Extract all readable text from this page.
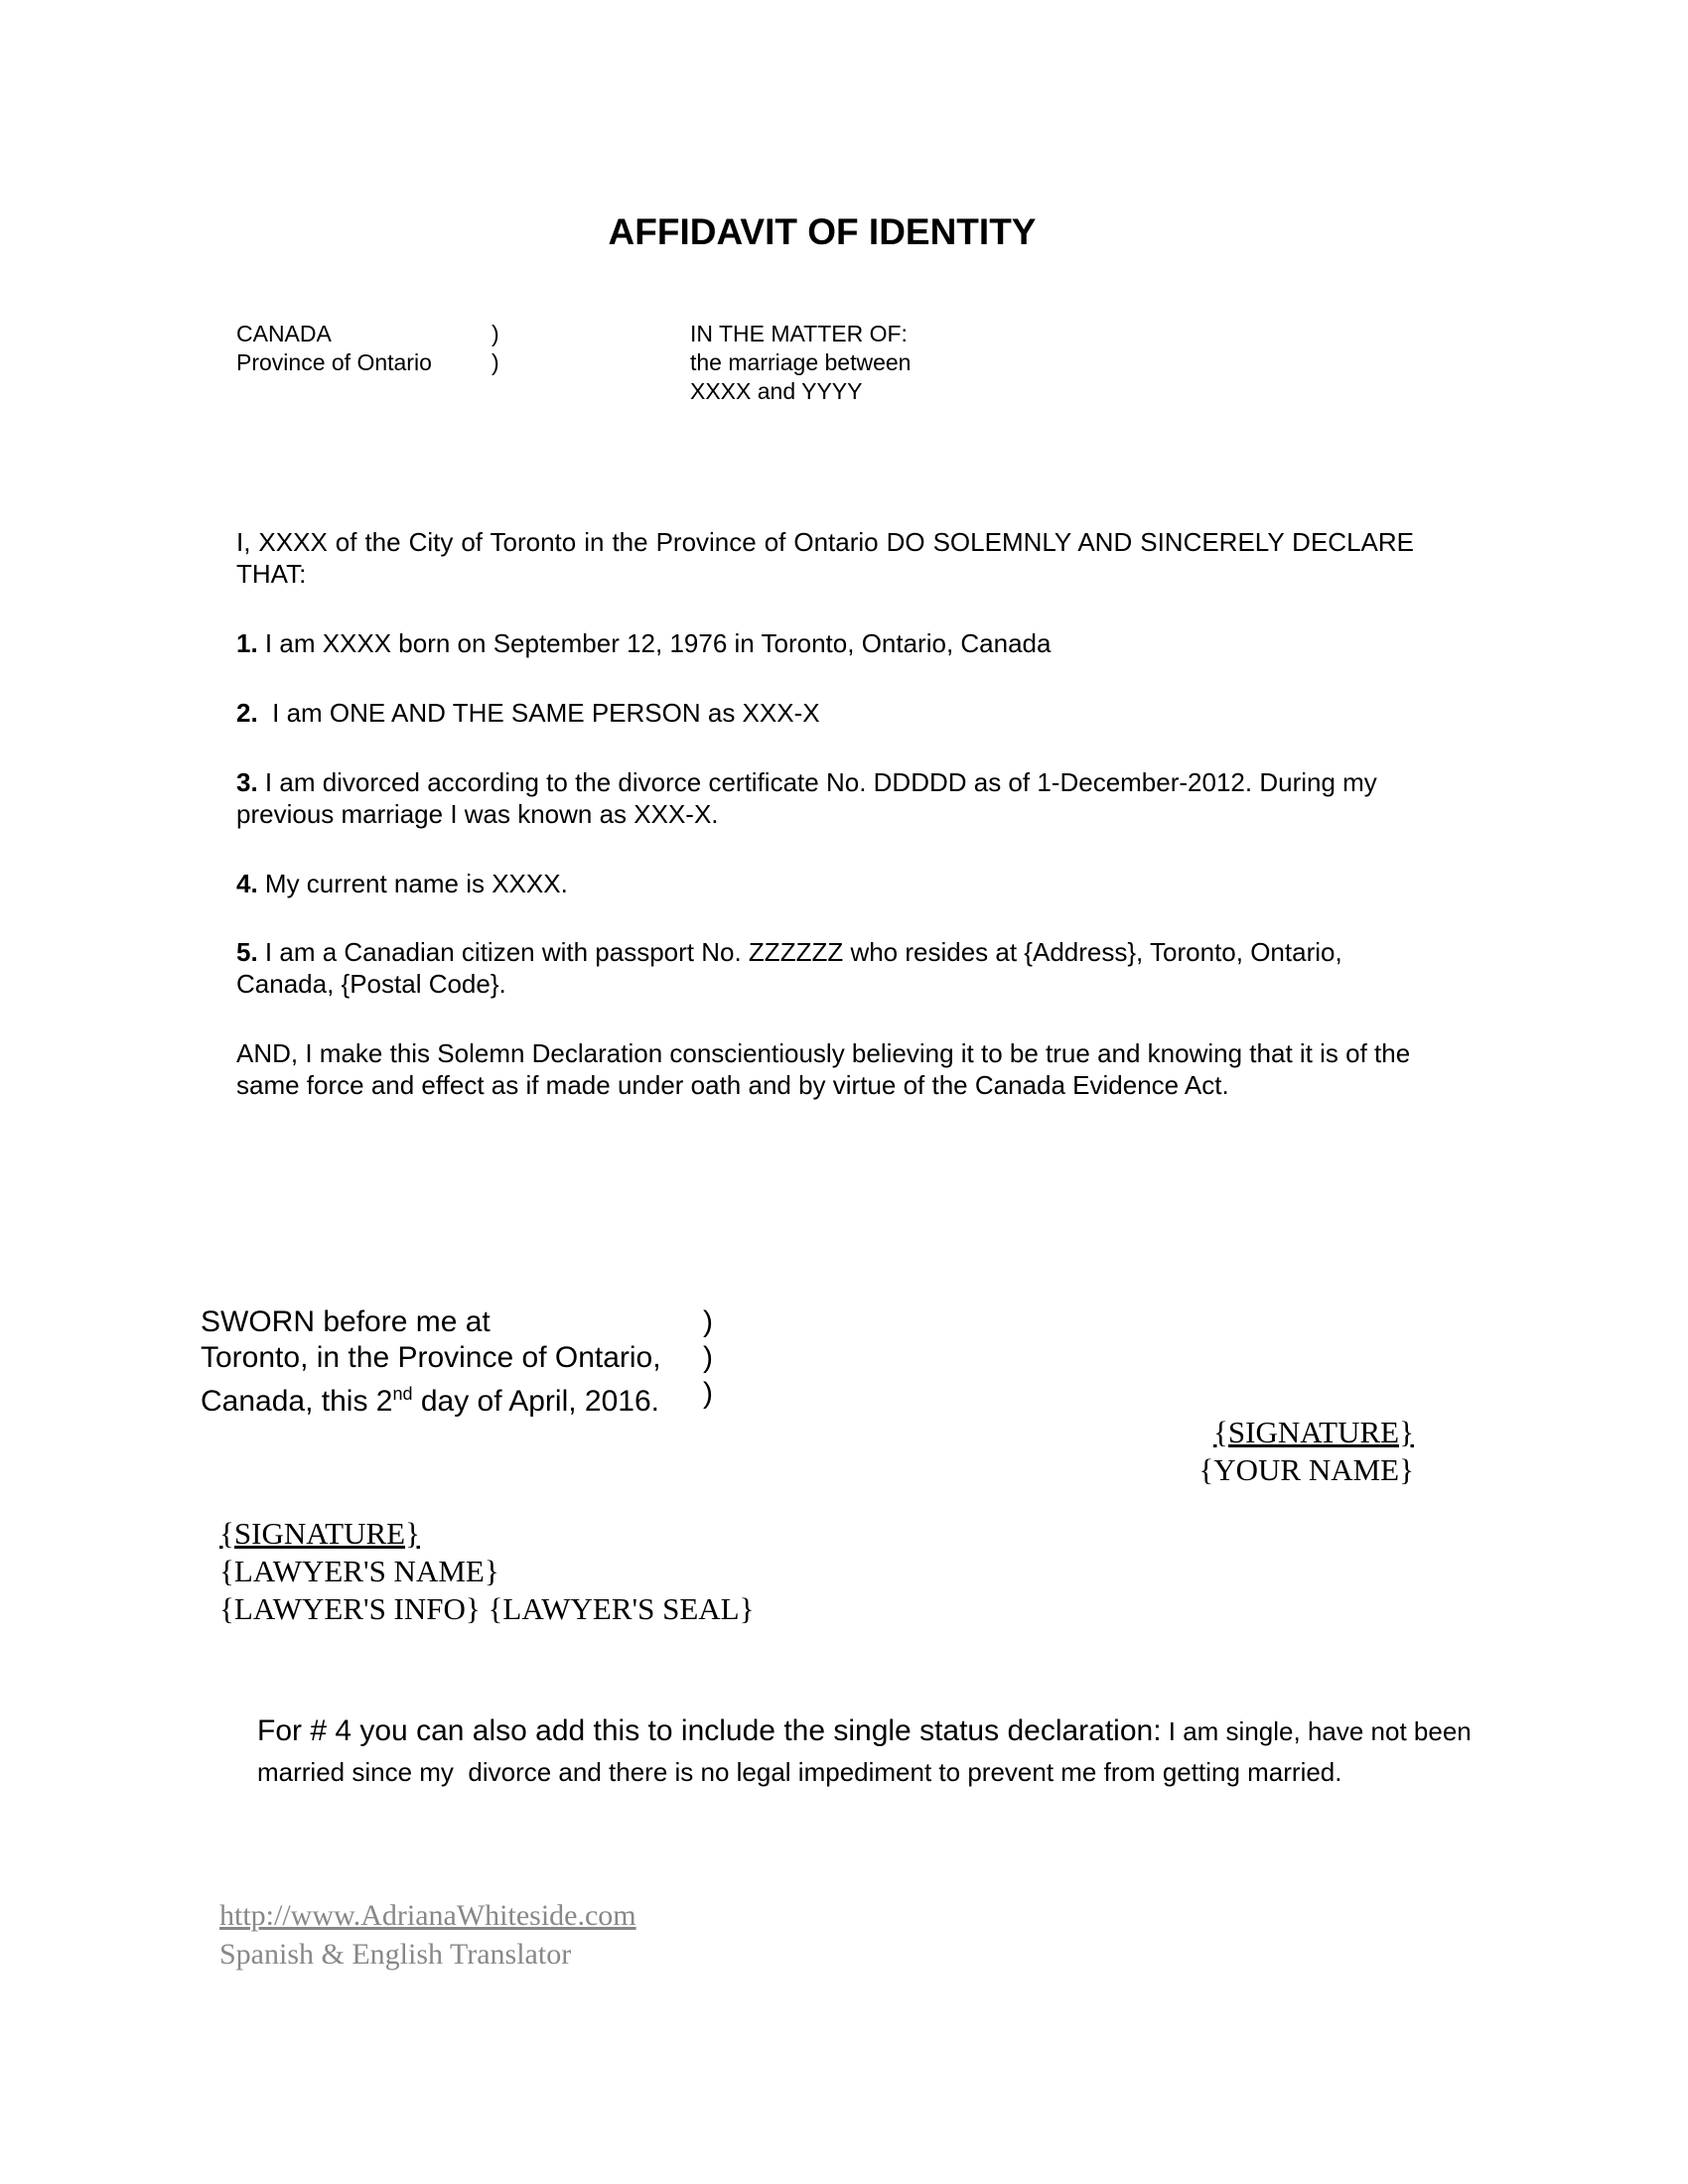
AFFIDAVIT OF IDENTITY
CANADA
Province of Ontario
)
)
IN THE MATTER OF:
the marriage between
XXXX and YYYY
I, XXXX of the City of Toronto in the Province of Ontario DO SOLEMNLY AND SINCERELY DECLARE THAT:
1. I am XXXX born on September 12, 1976 in Toronto, Ontario, Canada
2.  I am ONE AND THE SAME PERSON as XXX-X
3. I am divorced according to the divorce certificate No. DDDDD as of 1-December-2012. During my previous marriage I was known as XXX-X.
4. My current name is XXXX.
5. I am a Canadian citizen with passport No. ZZZZZZ who resides at {Address}, Toronto, Ontario, Canada, {Postal Code}.
AND, I make this Solemn Declaration conscientiously believing it to be true and knowing that it is of the same force and effect as if made under oath and by virtue of the Canada Evidence Act.
SWORN before me at
Toronto, in the Province of Ontario,
Canada, this 2nd day of April, 2016.
)
)
)
{SIGNATURE}
{YOUR NAME}
{SIGNATURE}
{LAWYER'S NAME}
{LAWYER'S INFO} {LAWYER'S SEAL}
For # 4 you can also add this to include the single status declaration: I am single, have not been
married since my  divorce and there is no legal impediment to prevent me from getting married.
http://www.AdrianaWhiteside.com
Spanish & English Translator
